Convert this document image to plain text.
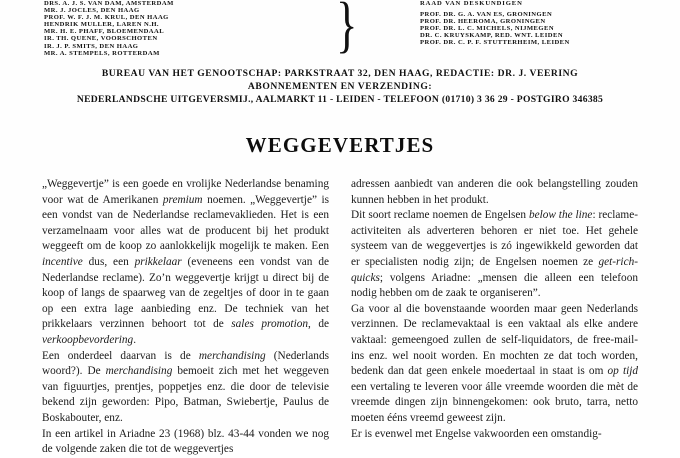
}
DRS. A. J. S. VAN DAM, AMSTERDAM
MR. J. JOCLES, DEN HAAG
PROF. W. F. J. M. KRUL, DEN HAAG
HENDRIK MULLER, LAREN N.H.
MR. H. E. PHAFF, BLOEMENDAAL
IR. TH. QUENE, VOORSCHOTEN
IR. J. P. SMITS, DEN HAAG
MR. A. STEMPELS, ROTTERDAM
RAAD VAN DESKUNDIGEN
PROF. DR. G. A. VAN ES, GRONINGEN
PROF. DR. HEEROMA, GRONINGEN
PROF. DR. L. C. MICHELS, NIJMEGEN
DR. C. KRUYSKAMP, RED. WNT. LEIDEN
PROF. DR. C. P. F. STUTTERHEIM, LEIDEN
BUREAU VAN HET GENOOTSCHAP: PARKSTRAAT 32, DEN HAAG, REDACTIE: DR. J. VEERING
ABONNEMENTEN EN VERZENDING:
NEDERLANDSCHE UITGEVERSMIJ., AALMARKT 11 - LEIDEN - TELEFOON (01710) 3 36 29 - POSTGIRO 346385
WEGGEVERTJES

„Weggevertje” is een goede en vrolijke Nederlandse benaming voor wat de Amerikanen premium noemen. „Weggevertje” is een vondst van de Nederlandse reclamevaklieden. Het is een verzamelnaam voor alles wat de producent bij het produkt weggeeft om de koop zo aanlokkelijk mogelijk te maken. Een incentive dus, een prikkelaar (eveneens een vondst van de Nederlandse reclame). Zo’n weggevertje krijgt u direct bij de koop of langs de spaarweg van de zegeltjes of door in te gaan op een extra lage aanbieding enz. De techniek van het prikkelaars verzinnen behoort tot de sales promotion, de verkoopbevordering.

Een onderdeel daarvan is de merchandising (Nederlands woord?). De merchandising bemoeit zich met het weggeven van figuurtjes, prentjes, poppetjes enz. die door de televisie bekend zijn geworden: Pipo, Batman, Swiebertje, Paulus de Boskabouter, enz.

In een artikel in Ariadne 23 (1968) blz. 43-44 vonden we nog de volgende zaken die tot de weggevertjes

adressen aanbiedt van anderen die ook belangstelling zouden kunnen hebben in het produkt.

Dit soort reclame noemen de Engelsen below the line: reclame-activiteiten als adverteren behoren er niet toe. Het gehele systeem van de weggevertjes is zó ingewikkeld geworden dat er specialisten nodig zijn; de Engelsen noemen ze get-rich-quicks; volgens Ariadne: „mensen die alleen een telefoon nodig hebben om de zaak te organiseren”.

Ga voor al die bovenstaande woorden maar geen Nederlands verzinnen. De reclamevaktaal is een vaktaal als elke andere vaktaal: gemeengoed zullen de self-liquidators, de free-mail-ins enz. wel nooit worden. En mochten ze dat toch worden, bedenk dan dat geen enkele moedertaal in staat is om op tijd een vertaling te leveren voor álle vreemde woorden die mèt de vreemde dingen zijn binnengekomen: ook bruto, tarra, netto moeten ééns vreemd geweest zijn.

Er is evenwel met Engelse vakwoorden een omstandig-
